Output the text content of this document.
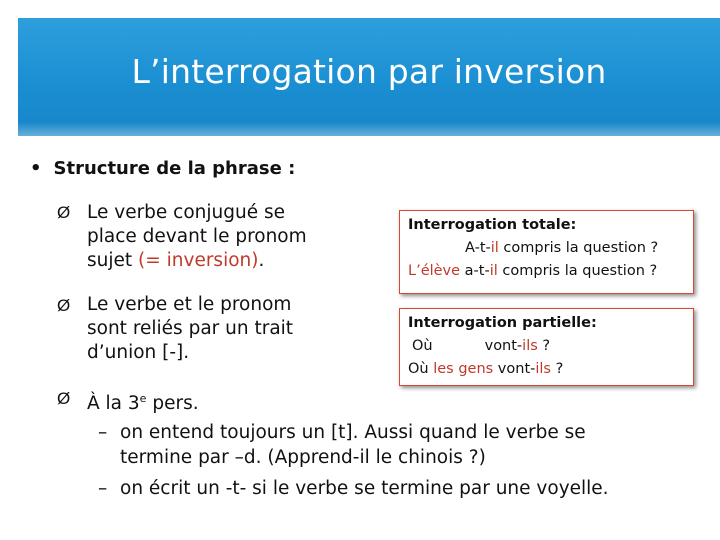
L’interrogation par inversion
• Structure de la phrase :
Ø Le verbe conjugué se
place devant le pronom
sujet (= inversion).
Ø Le verbe et le pronom
sont reliés par un trait
d’union [-].
Ø À la 3e pers.
– on entend toujours un [t]. Aussi quand le verbe se
termine par –d. (Apprend-il le chinois ?)
– on écrit un -t- si le verbe se termine par une voyelle.
Interrogation totale:
A-t-il compris la question ?
L’élève a-t-il compris la question ?
Interrogation partielle:
Où	vont-ils ?
Où les gens vont-ils ?
